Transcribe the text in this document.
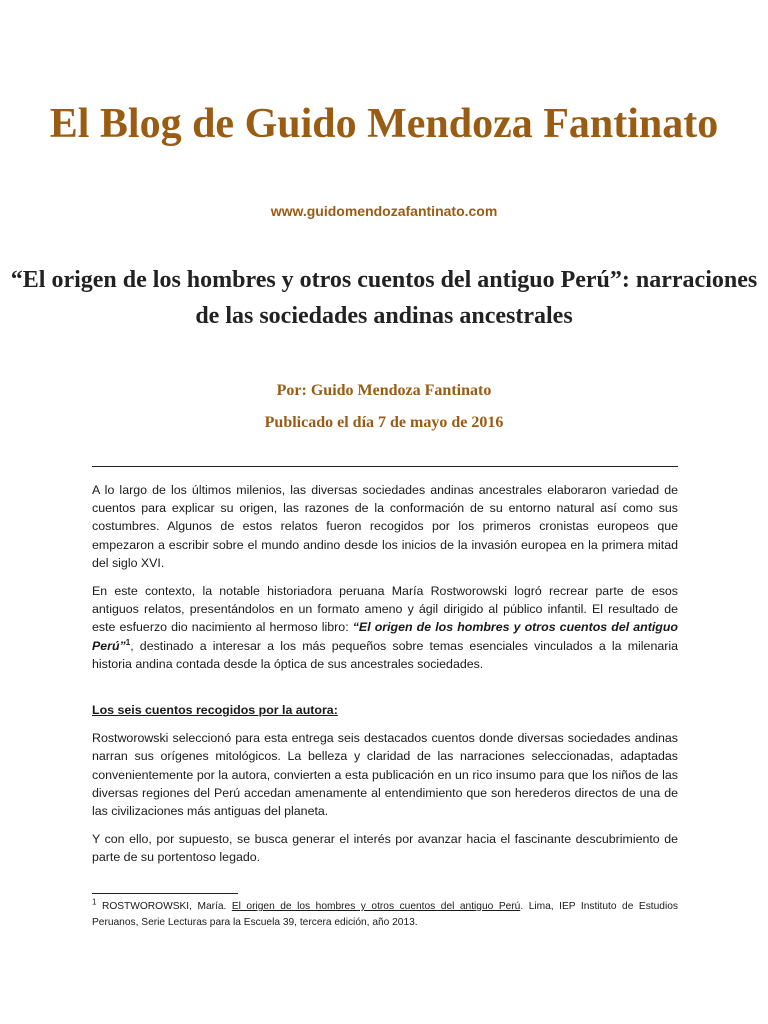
El Blog de Guido Mendoza Fantinato

www.guidomendozafantinato.com

“El origen de los hombres y otros cuentos del antiguo Perú”: narraciones de las sociedades andinas ancestrales

Por: Guido Mendoza Fantinato

Publicado el día 7 de mayo de 2016

A lo largo de los últimos milenios, las diversas sociedades andinas ancestrales elaboraron variedad de cuentos para explicar su origen, las razones de la conformación de su entorno natural así como sus costumbres. Algunos de estos relatos fueron recogidos por los primeros cronistas europeos que empezaron a escribir sobre el mundo andino desde los inicios de la invasión europea en la primera mitad del siglo XVI.

En este contexto, la notable historiadora peruana María Rostworowski logró recrear parte de esos antiguos relatos, presentándolos en un formato ameno y ágil dirigido al público infantil. El resultado de este esfuerzo dio nacimiento al hermoso libro: “El origen de los hombres y otros cuentos del antiguo Perú”$^1$, destinado a interesar a los más pequeños sobre temas esenciales vinculados a la milenaria historia andina contada desde la óptica de sus ancestrales sociedades.

Los seis cuentos recogidos por la autora:

Rostworowski seleccionó para esta entrega seis destacados cuentos donde diversas sociedades andinas narran sus orígenes mitológicos. La belleza y claridad de las narraciones seleccionadas, adaptadas convenientemente por la autora, convierten a esta publicación en un rico insumo para que los niños de las diversas regiones del Perú accedan amenamente al entendimiento que son herederos directos de una de las civilizaciones más antiguas del planeta.

Y con ello, por supuesto, se busca generar el interés por avanzar hacia el fascinante descubrimiento de parte de su portentoso legado.

$^1$ ROSTWOROWSKI, María. El origen de los hombres y otros cuentos del antiguo Perú. Lima, IEP Instituto de Estudios Peruanos, Serie Lecturas para la Escuela 39, tercera edición, año 2013.
